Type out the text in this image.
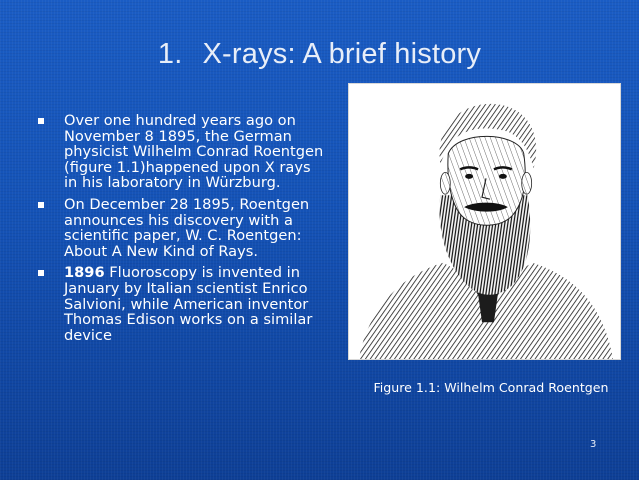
1. X-rays: A brief history
Over one hundred years ago on November 8 1895, the German physicist Wilhelm Conrad Roentgen (figure 1.1)happened upon X rays in his laboratory in Würzburg.
On December 28 1895, Roentgen announces his discovery with a scientific paper, W. C. Roentgen: About A New Kind of Rays.
1896 Fluoroscopy is invented in January by Italian scientist Enrico Salvioni, while American inventor Thomas Edison works on a similar device
Figure 1.1: Wilhelm Conrad Roentgen
3
